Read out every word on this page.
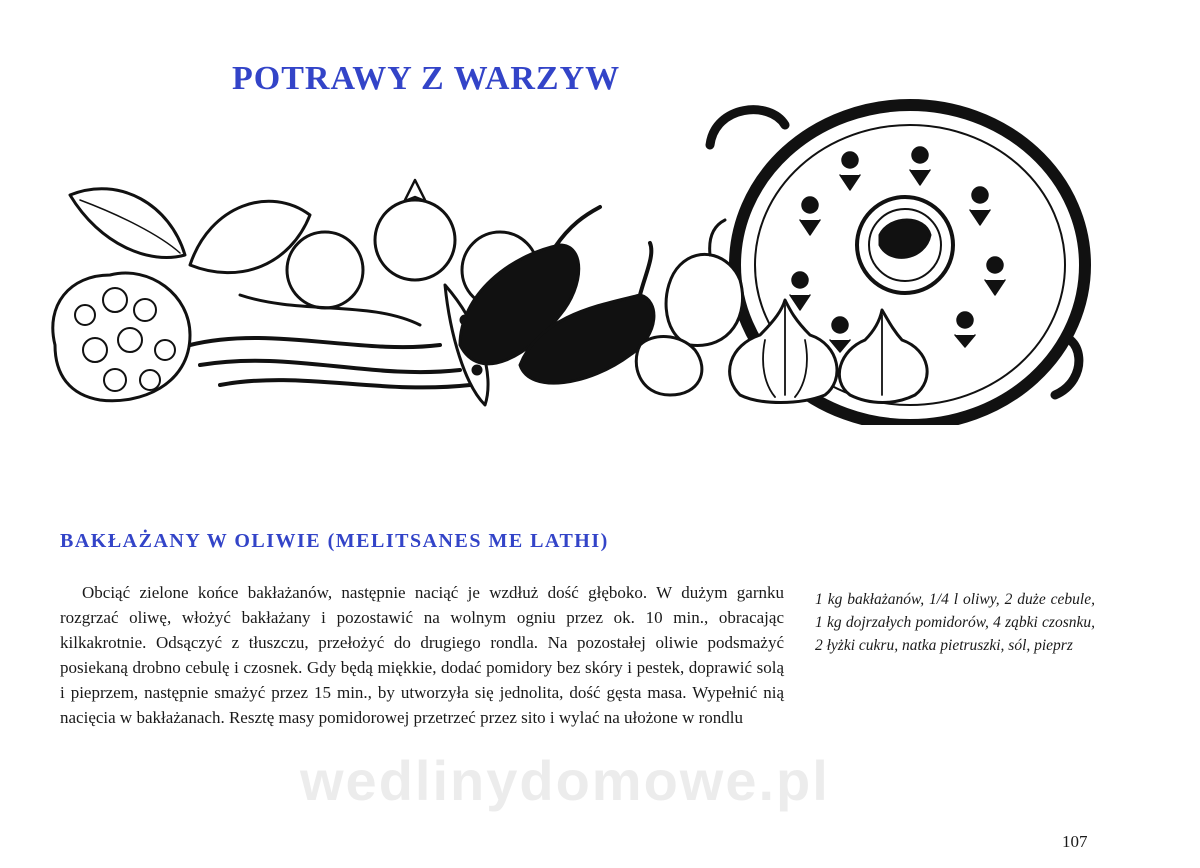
POTRAWY Z WARZYW
BAKŁAŻANY W OLIWIE (MELITSANES ME LATHI)

Obciąć zielone końce bakłażanów, następnie naciąć je wzdłuż dość głęboko. W dużym garnku rozgrzać oliwę, włożyć bakłażany i pozostawić na wolnym ogniu przez ok. 10 min., obracając kilkakrotnie. Odsączyć z tłuszczu, przełożyć do drugiego rondla. Na pozostałej oliwie podsmażyć posiekaną drobno cebulę i czosnek. Gdy będą miękkie, dodać pomidory bez skóry i pestek, doprawić solą i pieprzem, następnie smażyć przez 15 min., by utworzyła się jednolita, dość gęsta masa. Wypełnić nią nacięcia w bakłażanach. Resztę masy pomidorowej przetrzeć przez sito i wylać na ułożone w rondlu

1 kg bakłażanów, 1/4 l oliwy, 2 duże cebule, 1 kg dojrzałych pomidorów, 4 ząbki czosnku, 2 łyżki cukru, natka pietruszki, sól, pieprz

wedlinydomowe.pl
107
